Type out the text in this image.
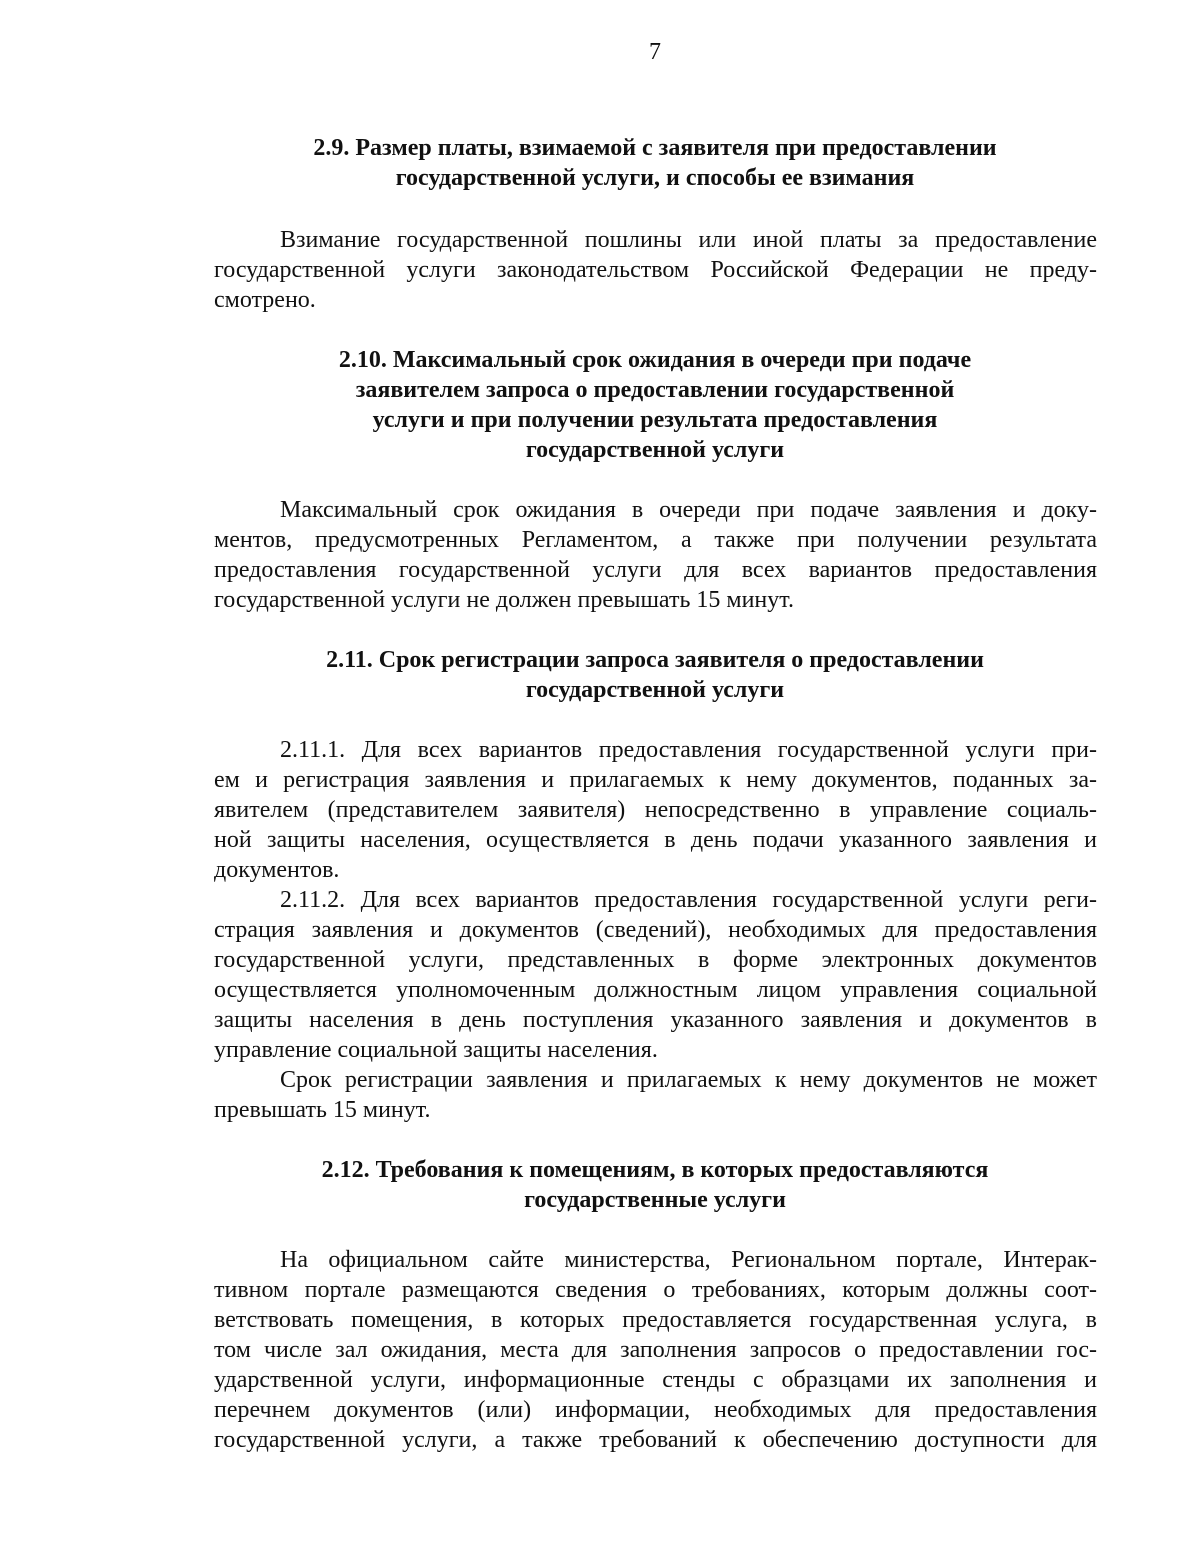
7
2.9. Размер платы, взимаемой с заявителя при предоставлении
государственной услуги, и способы ее взимания
Взимание государственной пошлины или иной платы за предоставление
государственной услуги законодательством Российской Федерации не преду-
смотрено.
2.10. Максимальный срок ожидания в очереди при подаче
заявителем запроса о предоставлении государственной
услуги и при получении результата предоставления
государственной услуги
Максимальный срок ожидания в очереди при подаче заявления и доку-
ментов, предусмотренных Регламентом, а также при получении результата
предоставления государственной услуги для всех вариантов предоставления
государственной услуги не должен превышать 15 минут.
2.11. Срок регистрации запроса заявителя о предоставлении
государственной услуги
2.11.1. Для всех вариантов предоставления государственной услуги при-
ем и регистрация заявления и прилагаемых к нему документов, поданных за-
явителем (представителем заявителя) непосредственно в управление социаль-
ной защиты населения, осуществляется в день подачи указанного заявления и
документов.
2.11.2. Для всех вариантов предоставления государственной услуги реги-
страция заявления и документов (сведений), необходимых для предоставления
государственной услуги, представленных в форме электронных документов
осуществляется уполномоченным должностным лицом управления социальной
защиты населения в день поступления указанного заявления и документов в
управление социальной защиты населения.
Срок регистрации заявления и прилагаемых к нему документов не может
превышать 15 минут.
2.12. Требования к помещениям, в которых предоставляются
государственные услуги
На официальном сайте министерства, Региональном портале, Интерак-
тивном портале размещаются сведения о требованиях, которым должны соот-
ветствовать помещения, в которых предоставляется государственная услуга, в
том числе зал ожидания, места для заполнения запросов о предоставлении гос-
ударственной услуги, информационные стенды с образцами их заполнения и
перечнем документов (или) информации, необходимых для предоставления
государственной услуги, а также требований к обеспечению доступности для
